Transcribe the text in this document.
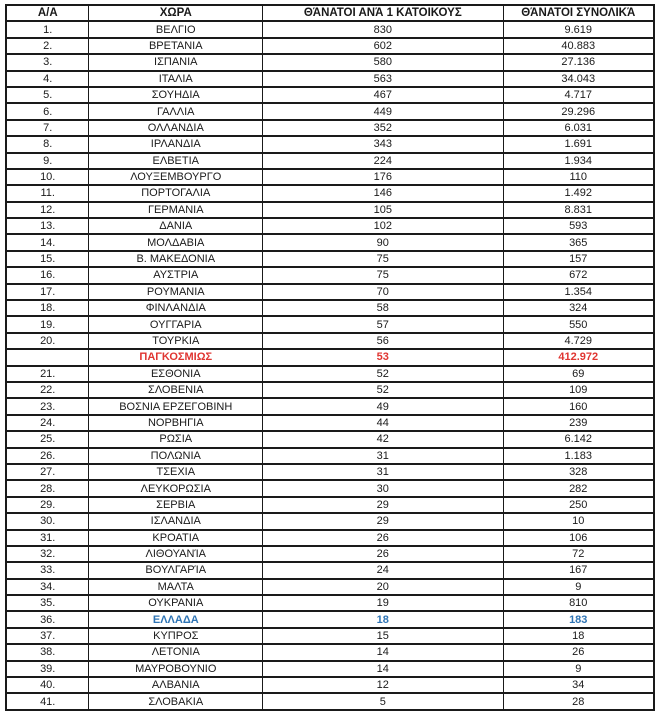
Α/Α	ΧΩΡΑ	ΘΆΝΑΤΟΙ ΑΝΆ 1 ΚΑΤΟΙΚΟΥΣ	ΘΆΝΑΤΟΙ ΣΥΝΟΛΙΚΆ
1.	ΒΕΛΓΙΟ	830	9.619
2.	ΒΡΕΤΑΝΙΑ	602	40.883
3.	ΙΣΠΑΝΙΑ	580	27.136
4.	ΙΤΑΛΙΑ	563	34.043
5.	ΣΟΥΗΔΙΑ	467	4.717
6.	ΓΑΛΛΙΑ	449	29.296
7.	ΟΛΛΑΝΔΙΑ	352	6.031
8.	ΙΡΛΑΝΔΙΑ	343	1.691
9.	ΕΛΒΕΤΙΑ	224	1.934
10.	ΛΟΥΞΕΜΒΟΥΡΓΟ	176	110
11.	ΠΟΡΤΟΓΑΛΙΑ	146	1.492
12.	ΓΕΡΜΑΝΙΑ	105	8.831
13.	ΔΑΝΙΑ	102	593
14.	ΜΟΛΔΑΒΙΑ	90	365
15.	Β. ΜΑΚΕΔΟΝΙΑ	75	157
16.	ΑΥΣΤΡΙΑ	75	672
17.	ΡΟΥΜΑΝΙΑ	70	1.354
18.	ΦΙΝΛΑΝΔΙΑ	58	324
19.	ΟΥΓΓΑΡΙΑ	57	550
20.	ΤΟΥΡΚΙΑ	56	4.729
	ΠΑΓΚΟΣΜΙΩΣ	53	412.972
21.	ΕΣΘΟΝΙΑ	52	69
22.	ΣΛΟΒΕΝΙΑ	52	109
23.	ΒΟΣΝΙΑ ΕΡΖΕΓΟΒΙΝΗ	49	160
24.	ΝΟΡΒΗΓΙΑ	44	239
25.	ΡΩΣΙΑ	42	6.142
26.	ΠΟΛΩΝΙΑ	31	1.183
27.	ΤΣΕΧΙΑ	31	328
28.	ΛΕΥΚΟΡΩΣΙΑ	30	282
29.	ΣΕΡΒΙΑ	29	250
30.	ΙΣΛΑΝΔΙΑ	29	10
31.	ΚΡΟΑΤΙΑ	26	106
32.	ΛΙΘΟΥΑΝΊΑ	26	72
33.	ΒΟΥΛΓΑΡΊΑ	24	167
34.	ΜΑΛΤΑ	20	9
35.	ΟΥΚΡΑΝΙΑ	19	810
36.	ΕΛΛΑΔΑ	18	183
37.	ΚΥΠΡΟΣ	15	18
38.	ΛΕΤΟΝΙΑ	14	26
39.	ΜΑΥΡΟΒΟΥΝΙΟ	14	9
40.	ΑΛΒΑΝΙΑ	12	34
41.	ΣΛΟΒΑΚΙΑ	5	28
